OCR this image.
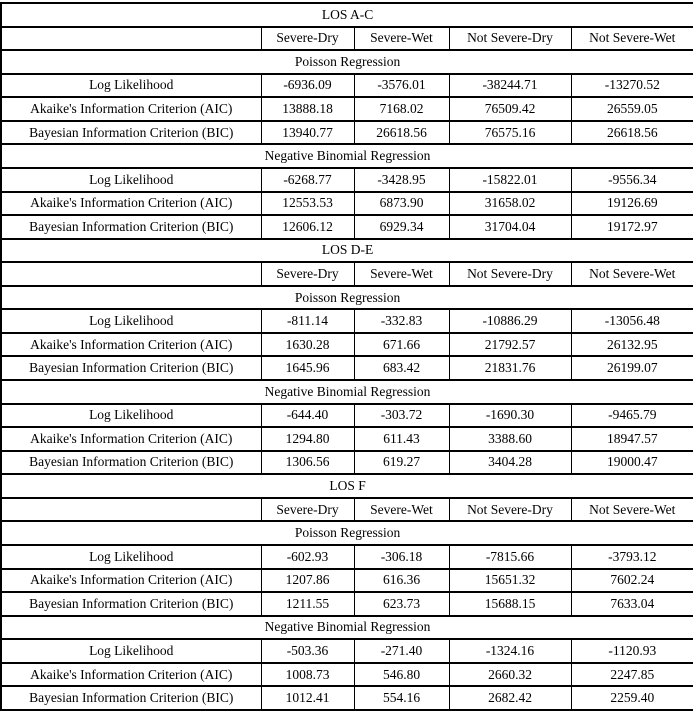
LOS A-C				
	Severe-Dry	Severe-Wet	Not Severe-Dry	Not Severe-Wet
Poisson Regression				
Log Likelihood	-6936.09	-3576.01	-38244.71	-13270.52
Akaike's Information Criterion (AIC)	13888.18	7168.02	76509.42	26559.05
Bayesian Information Criterion (BIC)	13940.77	26618.56	76575.16	26618.56
Negative Binomial Regression				
Log Likelihood	-6268.77	-3428.95	-15822.01	-9556.34
Akaike's Information Criterion (AIC)	12553.53	6873.90	31658.02	19126.69
Bayesian Information Criterion (BIC)	12606.12	6929.34	31704.04	19172.97
LOS D-E				
	Severe-Dry	Severe-Wet	Not Severe-Dry	Not Severe-Wet
Poisson Regression				
Log Likelihood	-811.14	-332.83	-10886.29	-13056.48
Akaike's Information Criterion (AIC)	1630.28	671.66	21792.57	26132.95
Bayesian Information Criterion (BIC)	1645.96	683.42	21831.76	26199.07
Negative Binomial Regression				
Log Likelihood	-644.40	-303.72	-1690.30	-9465.79
Akaike's Information Criterion (AIC)	1294.80	611.43	3388.60	18947.57
Bayesian Information Criterion (BIC)	1306.56	619.27	3404.28	19000.47
LOS F				
	Severe-Dry	Severe-Wet	Not Severe-Dry	Not Severe-Wet
Poisson Regression				
Log Likelihood	-602.93	-306.18	-7815.66	-3793.12
Akaike's Information Criterion (AIC)	1207.86	616.36	15651.32	7602.24
Bayesian Information Criterion (BIC)	1211.55	623.73	15688.15	7633.04
Negative Binomial Regression				
Log Likelihood	-503.36	-271.40	-1324.16	-1120.93
Akaike's Information Criterion (AIC)	1008.73	546.80	2660.32	2247.85
Bayesian Information Criterion (BIC)	1012.41	554.16	2682.42	2259.40
